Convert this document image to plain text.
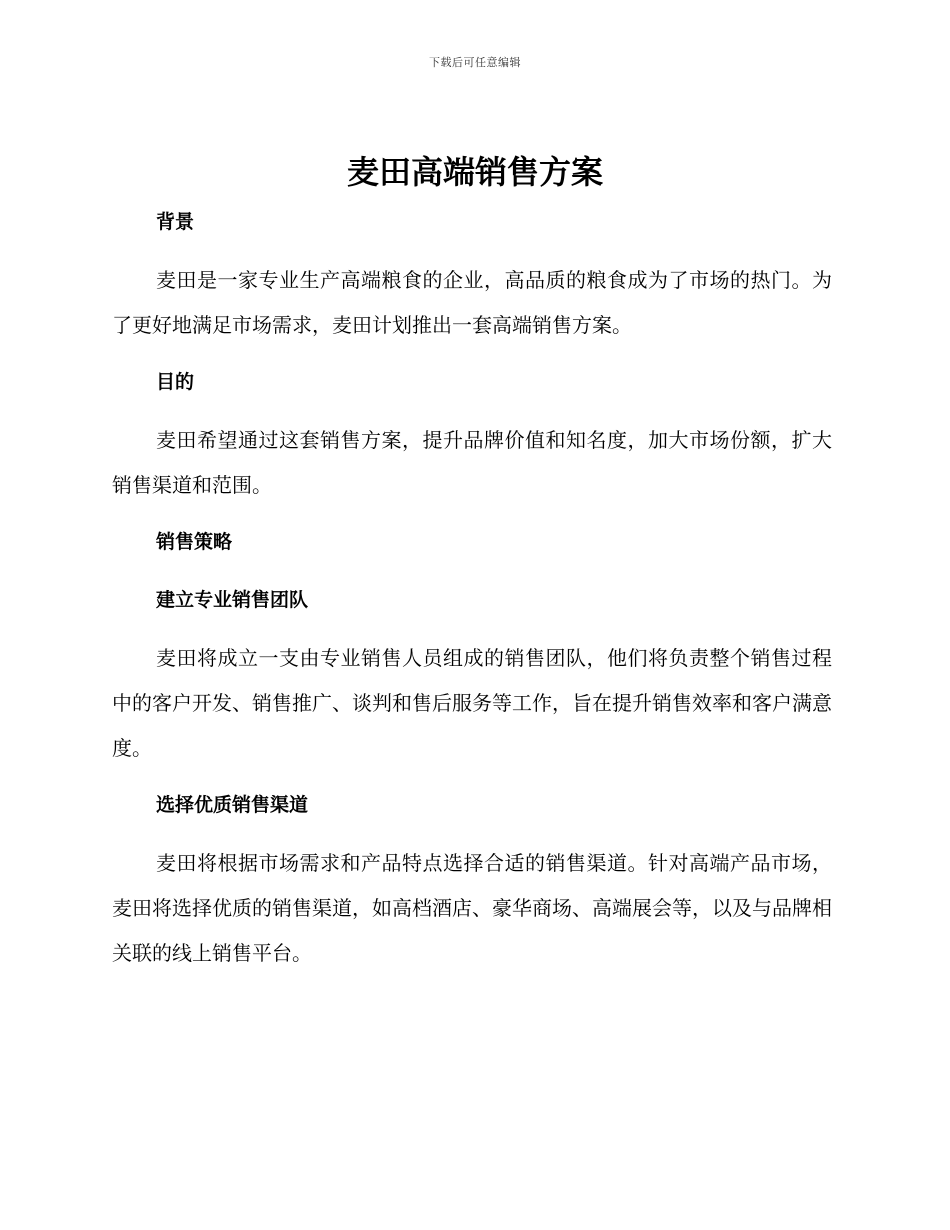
下载后可任意编辑
麦田高端销售方案

背景

麦田是一家专业生产高端粮食的企业，高品质的粮食成为了市场的热门。为了更好地满足市场需求，麦田计划推出一套高端销售方案。

目的

麦田希望通过这套销售方案，提升品牌价值和知名度，加大市场份额，扩大销售渠道和范围。

销售策略

建立专业销售团队

麦田将成立一支由专业销售人员组成的销售团队，他们将负责整个销售过程中的客户开发、销售推广、谈判和售后服务等工作，旨在提升销售效率和客户满意度。

选择优质销售渠道

麦田将根据市场需求和产品特点选择合适的销售渠道。针对高端产品市场，麦田将选择优质的销售渠道，如高档酒店、豪华商场、高端展会等，以及与品牌相关联的线上销售平台。
